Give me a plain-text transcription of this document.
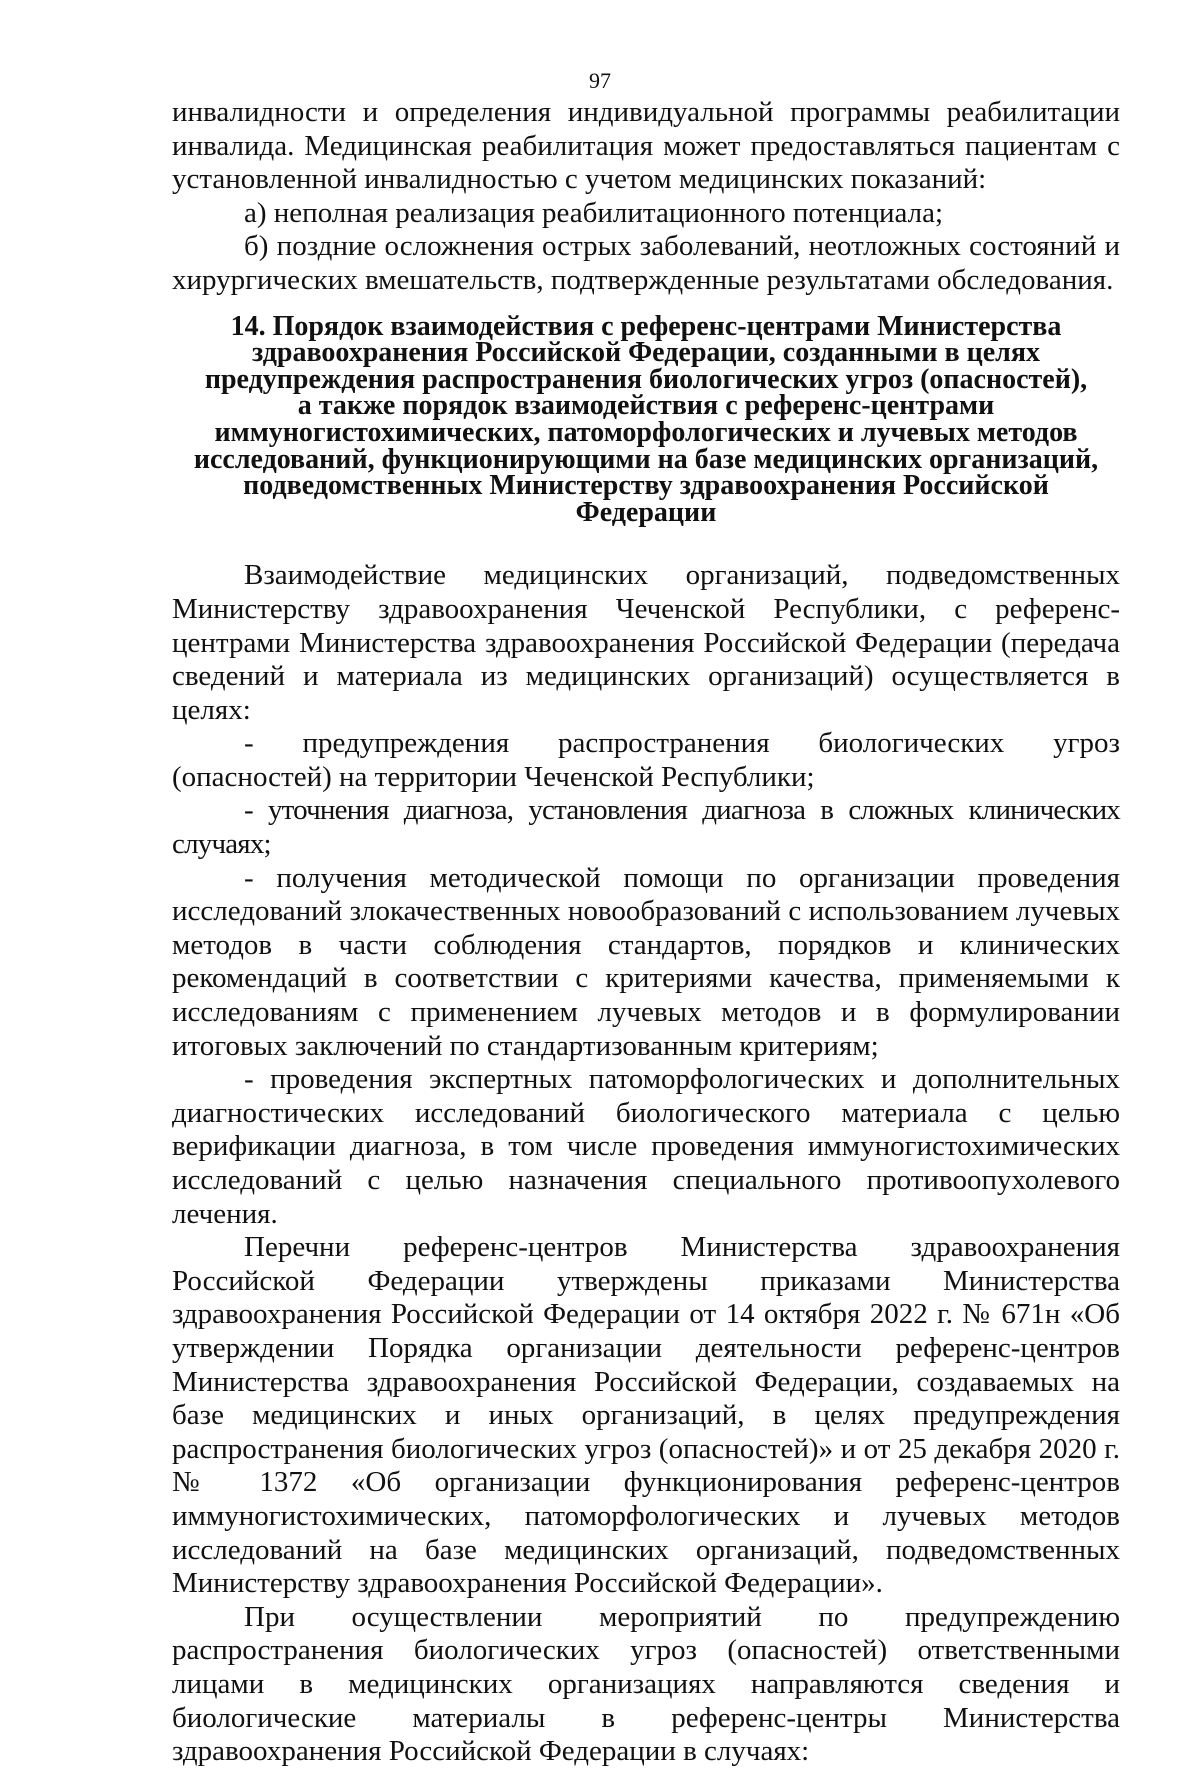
97

инвалидности и определения индивидуальной программы реабилитации инвалида. Медицинская реабилитация может предоставляться пациентам с установленной инвалидностью с учетом медицинских показаний:

а) неполная реализация реабилитационного потенциала;

б) поздние осложнения острых заболеваний, неотложных состояний и хирургических вмешательств, подтвержденные результатами обследования.

14. Порядок взаимодействия с референс-центрами Министерства
здравоохранения Российской Федерации, созданными в целях
предупреждения распространения биологических угроз (опасностей),
а также порядок взаимодействия с референс-центрами
иммуногистохимических, патоморфологических и лучевых методов
исследований, функционирующими на базе медицинских организаций,
подведомственных Министерству здравоохранения Российской
Федерации

Взаимодействие медицинских организаций, подведомственных Министерству здравоохранения Чеченской Республики, с референс-центрами Министерства здравоохранения Российской Федерации (передача сведений и материала из медицинских организаций) осуществляется в целях:

- предупреждения распространения биологических угроз (опасностей) на территории Чеченской Республики;

- уточнения диагноза, установления диагноза в сложных клинических случаях;

- получения методической помощи по организации проведения исследований злокачественных новообразований с использованием лучевых методов в части соблюдения стандартов, порядков и клинических рекомендаций в соответствии с критериями качества, применяемыми к исследованиям с применением лучевых методов и в формулировании итоговых заключений по стандартизованным критериям;

- проведения экспертных патоморфологических и дополнительных диагностических исследований биологического материала с целью верификации диагноза, в том числе проведения иммуногистохимических исследований с целью назначения специального противоопухолевого лечения.

Перечни референс-центров Министерства здравоохранения Российской Федерации утверждены приказами Министерства здравоохранения Российской Федерации от 14 октября 2022 г. № 671н «Об утверждении Порядка организации деятельности референс-центров Министерства здравоохранения Российской Федерации, создаваемых на базе медицинских и иных организаций, в целях предупреждения распространения биологических угроз (опасностей)» и от 25 декабря 2020 г. № 1372 «Об организации функционирования референс-центров иммуногистохимических, патоморфологических и лучевых методов исследований на базе медицинских организаций, подведомственных Министерству здравоохранения Российской Федерации».

При осуществлении мероприятий по предупреждению распространения биологических угроз (опасностей) ответственными лицами в медицинских организациях направляются сведения и биологические материалы в референс-центры Министерства здравоохранения Российской Федерации в случаях:
